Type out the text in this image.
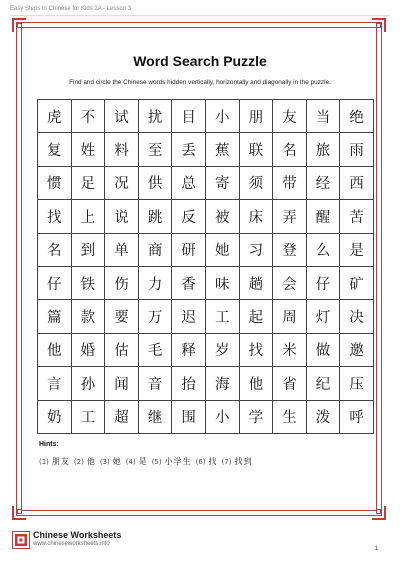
Easy Steps to Chinese for Kids 2A - Lesson 3
Word Search Puzzle
Find and circle the Chinese words hidden vertically, horizontally and diagonally in the puzzle.
虎	不	试	扰	目	小	朋	友	当	绝
复	姓	料	至	丢	蕉	联	名	旅	雨
惯	足	况	供	总	寄	须	带	经	西
找	上	说	跳	反	被	床	弄	醒	苦
名	到	单	商	研	她	习	登	么	是
仔	铁	伤	力	香	味	趟	会	仔	矿
篇	款	要	万	迟	工	起	周	灯	决
他	婚	估	毛	释	岁	找	米	做	邀
言	孙	闻	音	抬	海	他	省	纪	压
奶	工	超	继	围	小	学	生	泼	呼
Hints:
(1) 朋友 (2) 他 (3) 她 (4) 是 (5) 小学生 (6) 找 (7) 找到
Chinese Worksheets
www.chineseworksheets.info
1
